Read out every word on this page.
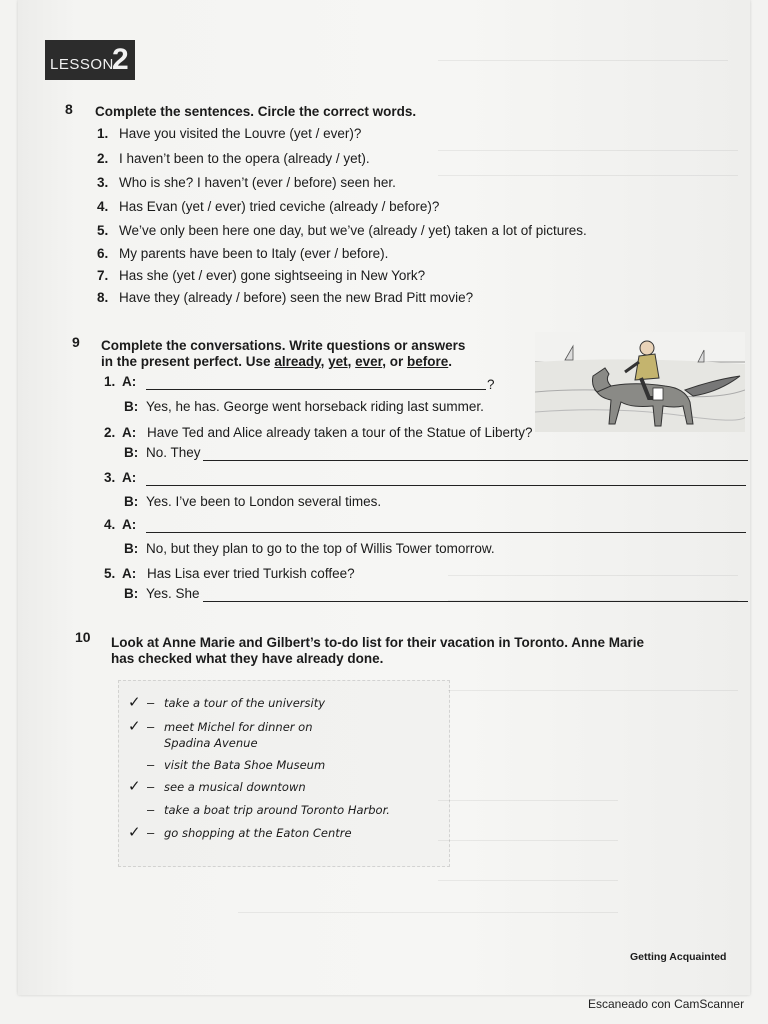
LESSON
2
8 Complete the sentences. Circle the correct words.
1. Have you visited the Louvre (yet / ever)?
2. I haven’t been to the opera (already / yet).
3. Who is she? I haven’t (ever / before) seen her.
4. Has Evan (yet / ever) tried ceviche (already / before)?
5. We’ve only been here one day, but we’ve (already / yet) taken a lot of pictures.
6. My parents have been to Italy (ever / before).
7. Has she (yet / ever) gone sightseeing in New York?
8. Have they (already / before) seen the new Brad Pitt movie?
9 Complete the conversations. Write questions or answers
in the present perfect. Use already, yet, ever, or before.
1. A:
B:
?
Yes, he has. George went horseback riding last summer.
2. A:
B:
Have Ted and Alice already taken a tour of the Statue of Liberty?
No. They
3. A:
B: Yes. I’ve been to London several times.
4. A:
B: No, but they plan to go to the top of Willis Tower tomorrow.
5. A:
B:
Has Lisa ever tried Turkish coffee?
Yes. She
10 Look at Anne Marie and Gilbert’s to-do list for their vacation in Toronto. Anne Marie
has checked what they have already done.
✓ – take a tour of the university
✓ – meet Michel for dinner on
Spadina Avenue
– visit the Bata Shoe Museum
✓ – see a musical downtown
– take a boat trip around Toronto Harbor.
✓ – go shopping at the Eaton Centre
Getting Acquainted
Escaneado con CamScanner
